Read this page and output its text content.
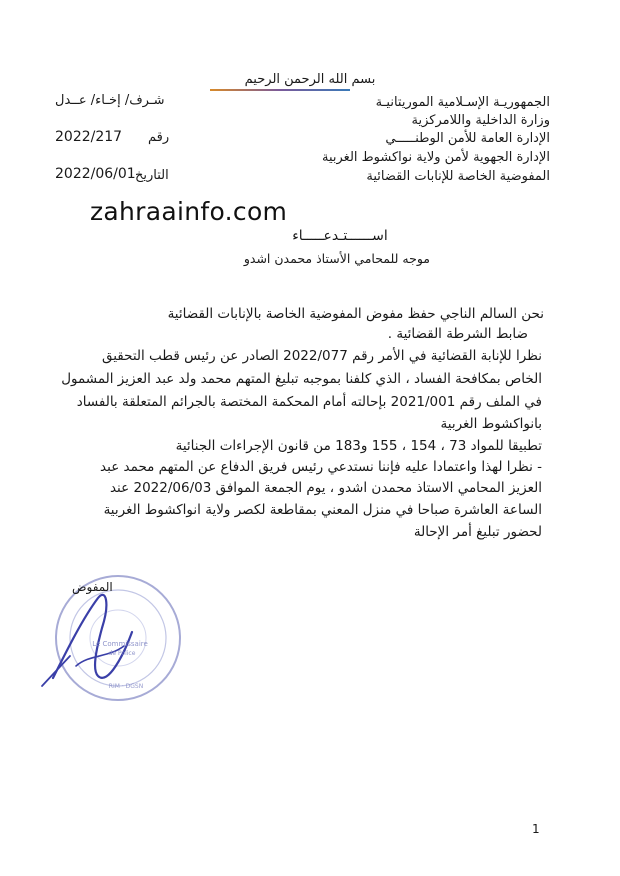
بسم الله الرحمن الرحيم
الجمهوريـة الإسـلامية الموريتانيـة
شـرف/ إخـاء/ عــدل
وزارة الداخلية واللامركزية
الإدارة العامة للأمن الوطنـــــي
رقم
2022/217
الإدارة الجهوية لأمن ولاية نواكشوط الغربية
المفوضية الخاصة للإنابات القضائية
التاريخ
2022/06/01
zahraainfo.com
اســــــتـدعـــــاء
موجه للمحامي الأستاذ محمدن اشدو
نحن السالم الناجي حفظ مفوض المفوضية الخاصة بالإنابات القضائية
ضابط الشرطة القضائية .
نظرا للإنابة القضائية في الأمر رقم 2022/077 الصادر عن رئيس قطب التحقيق
الخاص بمكافحة الفساد ، الذي كلفنا بموجبه تبليغ المتهم محمد ولد عبد العزيز المشمول
في الملف رقم 2021/001 بإحالته أمام المحكمة المختصة بالجرائم المتعلقة بالفساد
بانواكشوط الغربية
تطبيقا للمواد 73 ، 154 ، 155 و183 من قانون الإجراءات الجنائية
- نظرا لهذا واعتمادا عليه فإننا نستدعي رئيس فريق الدفاع عن المتهم محمد عبد
العزيز المحامي الاستاذ محمدن اشدو ، يوم الجمعة الموافق 2022/06/03 عند
الساعة العاشرة صباحا في منزل المعني بمقاطعة لكصر ولاية انواكشوط الغربية
لحضور تبليغ أمر الإحالة
Le Commissaire
de Police
RIM · DGSN
المفوض
1
